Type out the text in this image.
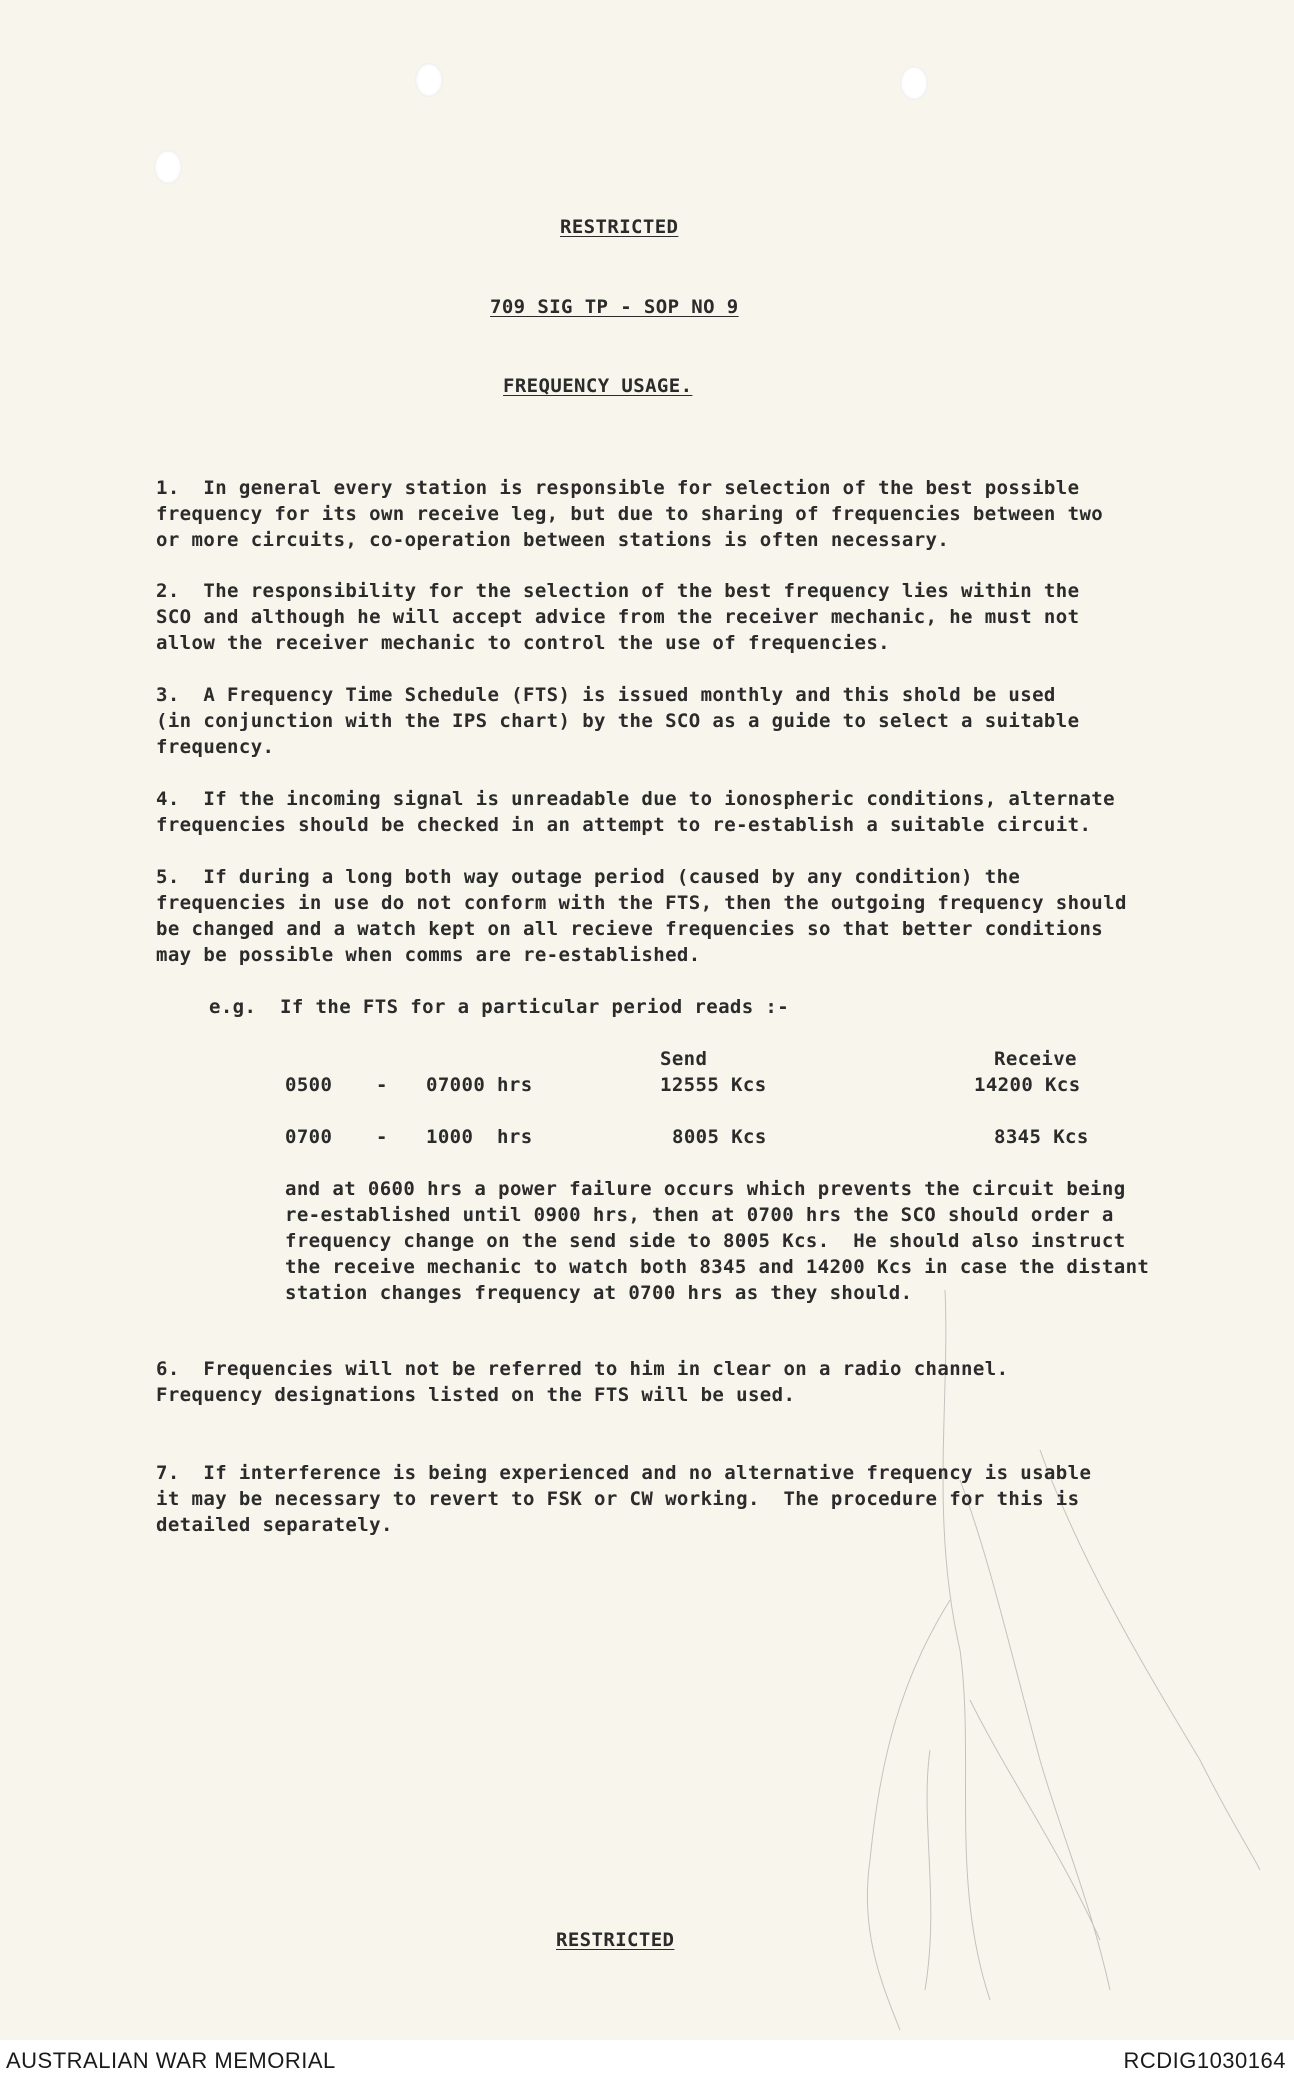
RESTRICTED
709 SIG TP - SOP NO 9
FREQUENCY USAGE.
1.  In general every station is responsible for selection of the best possible
frequency for its own receive leg, but due to sharing of frequencies between two
or more circuits, co-operation between stations is often necessary.
2.  The responsibility for the selection of the best frequency lies within the
SCO and although he will accept advice from the receiver mechanic, he must not
allow the receiver mechanic to control the use of frequencies.
3.  A Frequency Time Schedule (FTS) is issued monthly and this shold be used
(in conjunction with the IPS chart) by the SCO as a guide to select a suitable
frequency.
4.  If the incoming signal is unreadable due to ionospheric conditions, alternate
frequencies should be checked in an attempt to re-establish a suitable circuit.
5.  If during a long both way outage period (caused by any condition) the
frequencies in use do not conform with the FTS, then the outgoing frequency should
be changed and a watch kept on all recieve frequencies so that better conditions
may be possible when comms are re-established.
e.g.  If the FTS for a particular period reads :-
Send	Receive
0500 - 07000 hrs	12555 Kcs	14200 Kcs
0700 - 1000  hrs	8005 Kcs	8345 Kcs
and at 0600 hrs a power failure occurs which prevents the circuit being
re-established until 0900 hrs, then at 0700 hrs the SCO should order a
frequency change on the send side to 8005 Kcs.  He should also instruct
the receive mechanic to watch both 8345 and 14200 Kcs in case the distant
station changes frequency at 0700 hrs as they should.
6.  Frequencies will not be referred to him in clear on a radio channel.
Frequency designations listed on the FTS will be used.
7.  If interference is being experienced and no alternative frequency is usable
it may be necessary to revert to FSK or CW working.  The procedure for this is
detailed separately.
RESTRICTED
AUSTRALIAN WAR MEMORIAL	RCDIG1030164
